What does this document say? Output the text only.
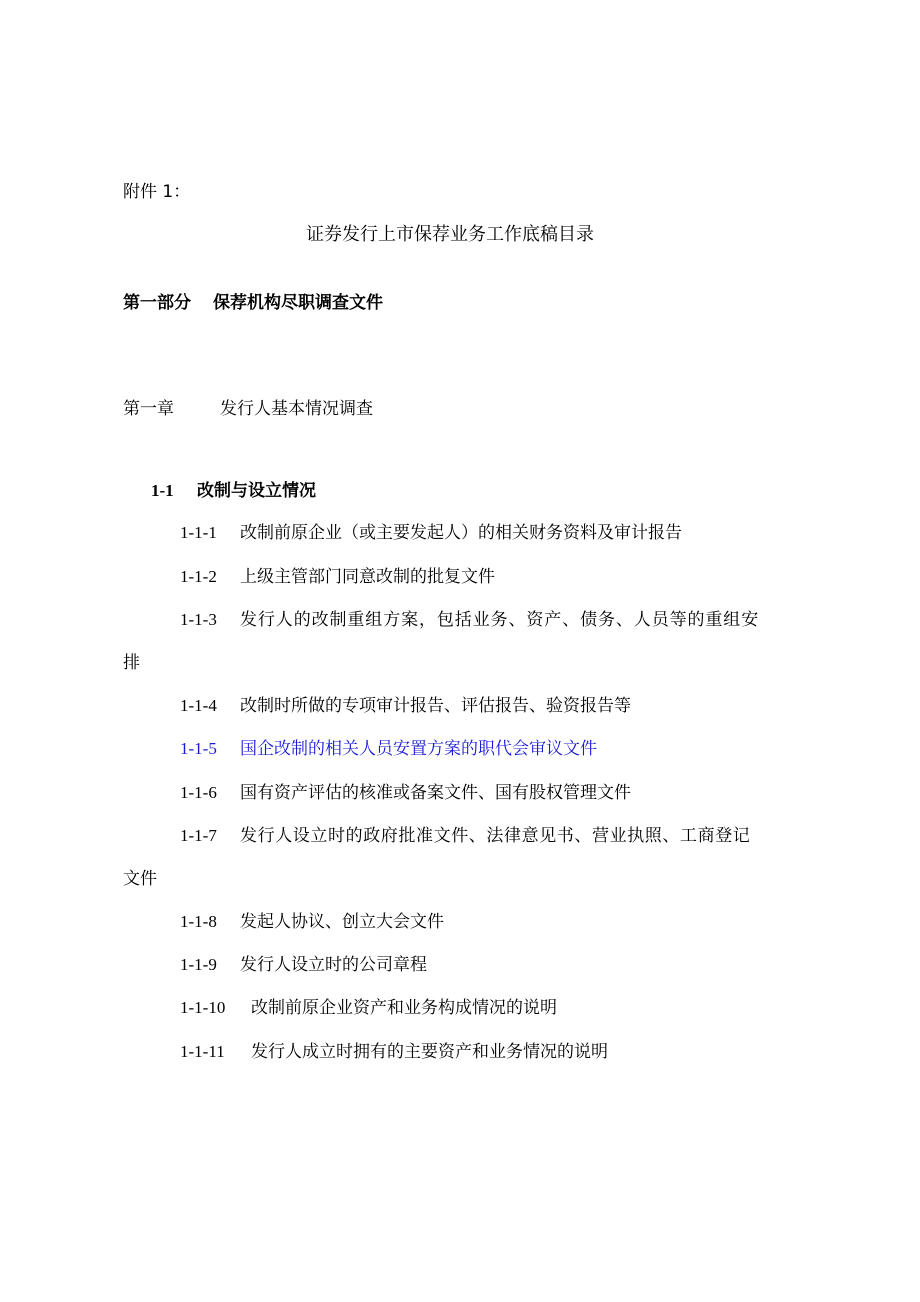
附件 1：
证券发行上市保荐业务工作底稿目录
第一部分 保荐机构尽职调查文件
第一章	发行人基本情况调查
1-1 改制与设立情况
1-1-1 改制前原企业（或主要发起人）的相关财务资料及审计报告
1-1-2 上级主管部门同意改制的批复文件
1-1-3 发行人的改制重组方案，包括业务、资产、债务、人员等的重组安
排
1-1-4 改制时所做的专项审计报告、评估报告、验资报告等
1-1-5 国企改制的相关人员安置方案的职代会审议文件
1-1-6 国有资产评估的核准或备案文件、国有股权管理文件
1-1-7 发行人设立时的政府批准文件、法律意见书、营业执照、工商登记
文件
1-1-8 发起人协议、创立大会文件
1-1-9 发行人设立时的公司章程
1-1-10 改制前原企业资产和业务构成情况的说明
1-1-11 发行人成立时拥有的主要资产和业务情况的说明
